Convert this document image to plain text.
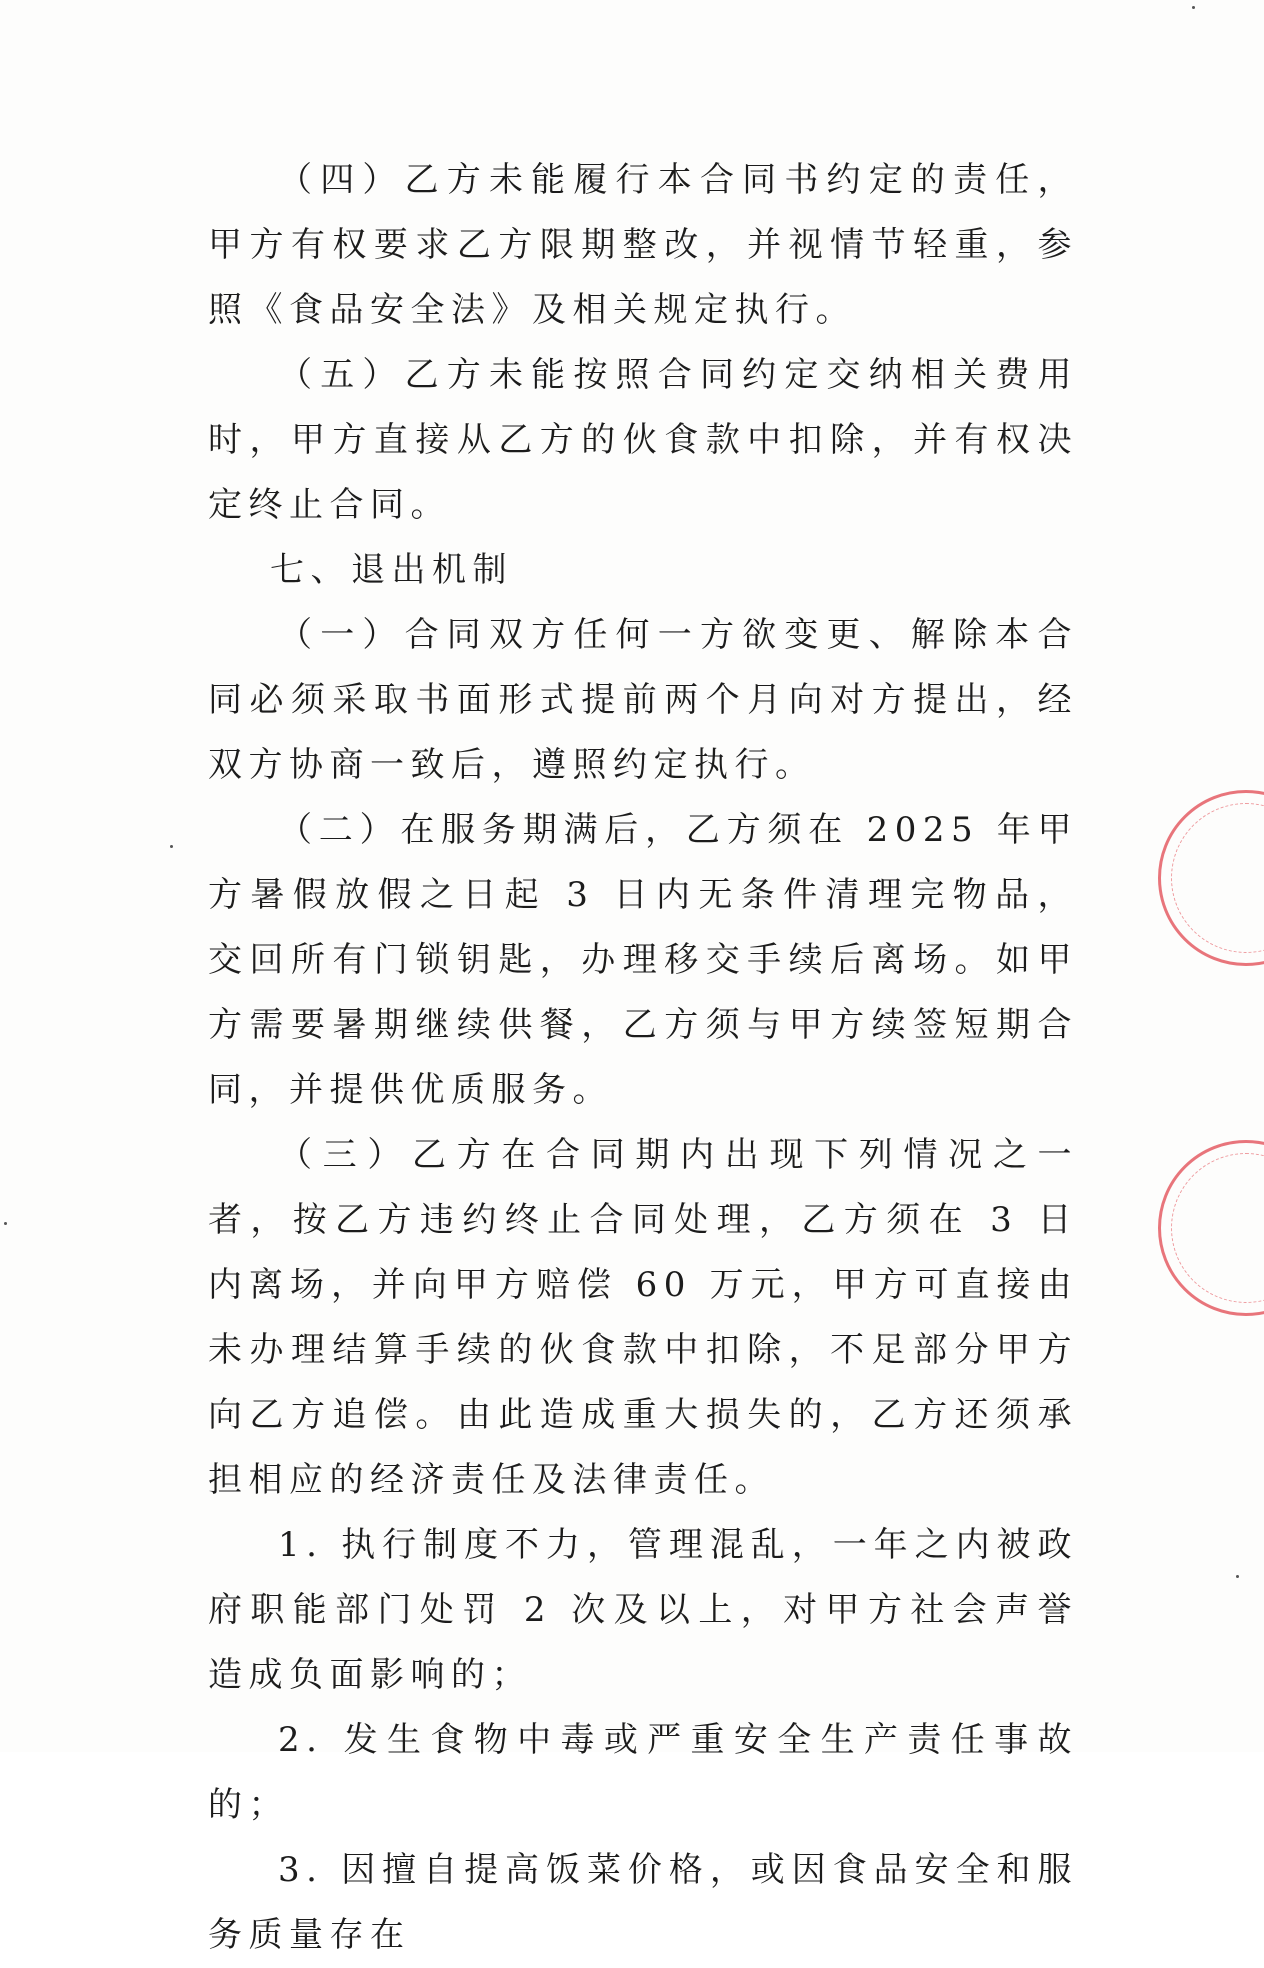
（四）乙方未能履行本合同书约定的责任，甲方有权要求乙方限期整改，并视情节轻重，参照《食品安全法》及相关规定执行。

（五）乙方未能按照合同约定交纳相关费用时，甲方直接从乙方的伙食款中扣除，并有权决定终止合同。

七、退出机制

（一）合同双方任何一方欲变更、解除本合同必须采取书面形式提前两个月向对方提出，经双方协商一致后，遵照约定执行。

（二）在服务期满后，乙方须在 2025 年甲方暑假放假之日起 3 日内无条件清理完物品，交回所有门锁钥匙，办理移交手续后离场。如甲方需要暑期继续供餐，乙方须与甲方续签短期合同，并提供优质服务。

（三）乙方在合同期内出现下列情况之一者，按乙方违约终止合同处理，乙方须在 3 日内离场，并向甲方赔偿 60 万元，甲方可直接由未办理结算手续的伙食款中扣除，不足部分甲方向乙方追偿。由此造成重大损失的，乙方还须承担相应的经济责任及法律责任。

1. 执行制度不力，管理混乱，一年之内被政府职能部门处罚 2 次及以上，对甲方社会声誉造成负面影响的；

2. 发生食物中毒或严重安全生产责任事故的；

3. 因擅自提高饭菜价格，或因食品安全和服务质量存在
